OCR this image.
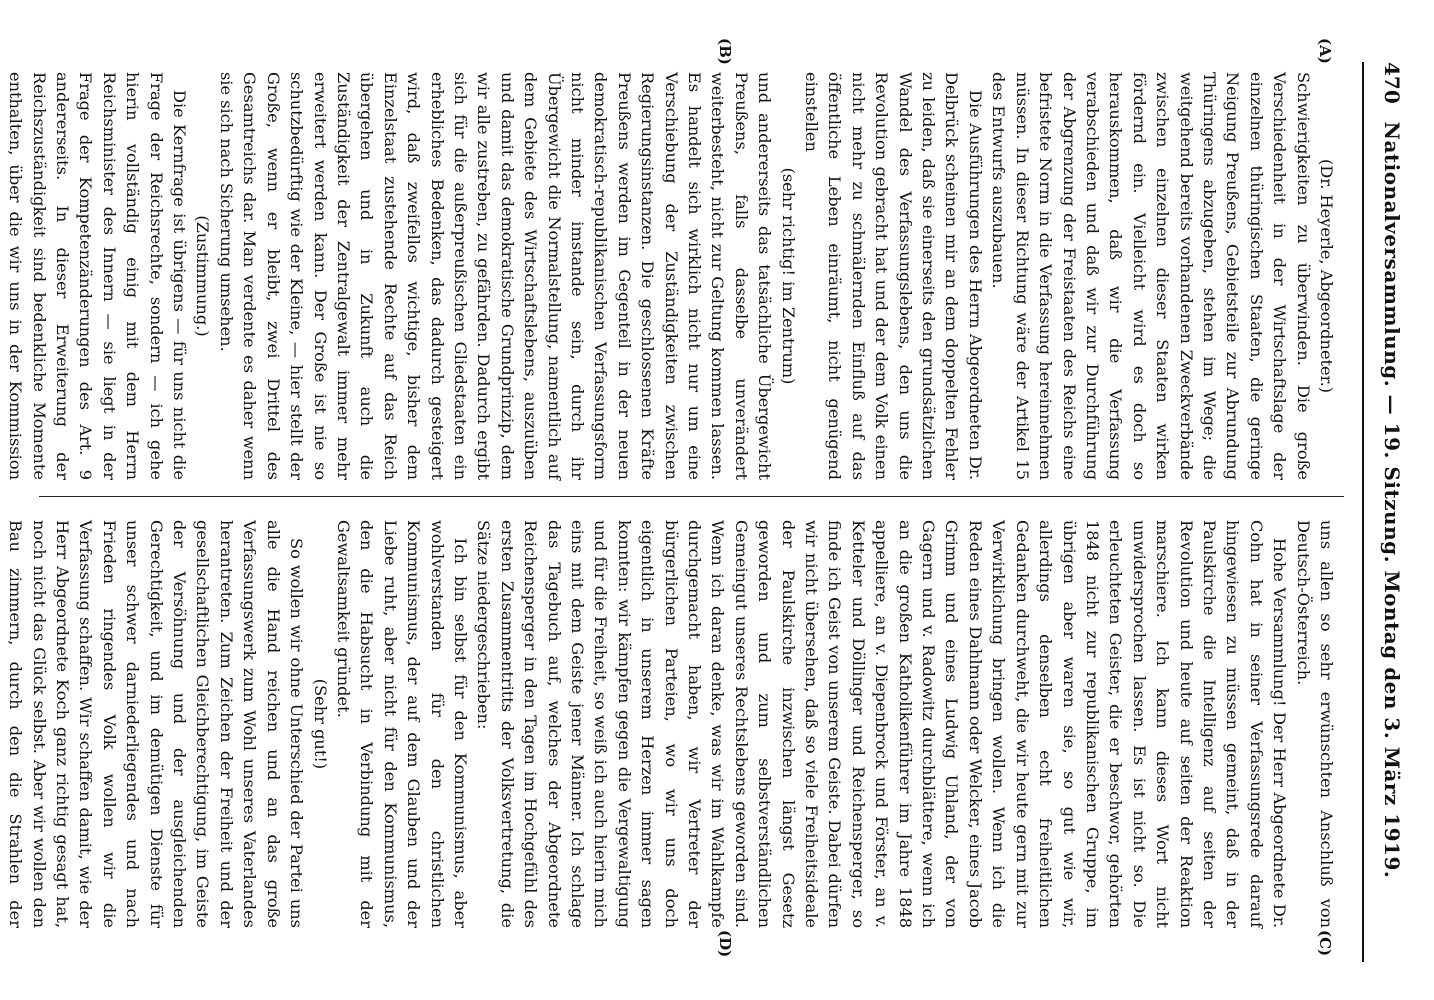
470
Nationalversammlung. — 19. Sitzung. Montag den 3. März 1919.
(A)
(B)
(C)
(D)

(Dr. Heyerle, Abgeordneter.)

Schwierigkeiten zu überwinden. Die große Verschiedenheit in der Wirtschaftslage der einzelnen thüringischen Staaten, die geringe Neigung Preußens, Gebietsteile zur Abrundung Thüringens abzugeben, stehen im Wege; die weitgehend bereits vorhandenen Zweckverbände zwischen einzelnen dieser Staaten wirken fördernd ein. Vielleicht wird es doch so herauskommen, daß wir die Verfassung verabschieden und daß wir zur Durchführung der Abgrenzung der Freistaaten des Reichs eine befristete Norm in die Verfassung hereinnehmen müssen. In dieser Richtung wäre der Artikel 15 des Entwurfs auszubauen.

Die Ausführungen des Herrn Abgeordneten Dr. Delbrück scheinen mir an dem doppelten Fehler zu leiden, daß sie einerseits den grundsätzlichen Wandel des Verfassungslebens, den uns die Revolution gebracht hat und der dem Volk einen nicht mehr zu schmälernden Einfluß auf das öffentliche Leben einräumt, nicht genügend einstellen

(sehr richtig! im Zentrum)

und andererseits das tatsächliche Übergewicht Preußens, falls dasselbe unverändert weiterbesteht, nicht zur Geltung kommen lassen. Es handelt sich wirklich nicht nur um eine Verschiebung der Zuständigkeiten zwischen Regierungsinstanzen. Die geschlossenen Kräfte Preußens werden im Gegenteil in der neuen demokratisch-republikanischen Verfassungsform nicht minder imstande sein, durch ihr Übergewicht die Normalstellung, namentlich auf dem Gebiete des Wirtschaftslebens, auszuüben und damit das demokratische Grundprinzip, dem wir alle zustreben, zu gefährden. Dadurch ergibt sich für die außerpreußischen Gliedstaaten ein erhebliches Bedenken, das dadurch gesteigert wird, daß zweifellos wichtige, bisher dem Einzelstaat zustehende Rechte auf das Reich übergehen und in Zukunft auch die Zuständigkeit der Zentralgewalt immer mehr erweitert werden kann. Der Große ist nie so schutzbedürftig wie der Kleine, — hier stellt der Große, wenn er bleibt, zwei Drittel des Gesamtreichs dar. Man verdente es daher wenn sie sich nach Sicherung umsehen.

(Zustimmung.)

Die Kernfrage ist übrigens — für uns nicht die Frage der Reichsrechte, sondern — ich gehe hierin vollständig einig mit dem Herrn Reichsminister des Innern — sie liegt in der Frage der Kompetenzänderungen des Art. 9 andererseits. In dieser Erweiterung der Reichszuständigkeit sind bedenkliche Momente enthalten, über die wir uns in der Kommission

uns allen so sehr erwünschten Anschluß von Deutsch-Österreich.

Hohe Versammlung! Der Herr Abgeordnete Dr. Cohn hat in seiner Verfassungsrede darauf hingewiesen zu müssen gemeint, daß in der Paulskirche die Intelligenz auf seiten der Revolution und heute auf seiten der Reaktion marschiere. Ich kann dieses Wort nicht unwidersprochen lassen. Es ist nicht so. Die erleuchteten Geister, die er beschwor, gehörten 1848 nicht zur republikanischen Gruppe, im übrigen aber waren sie, so gut wie wir, allerdings denselben echt freiheitlichen Gedanken durchweht, die wir heute gern mit zur Verwirklichung bringen wollen. Wenn ich die Reden eines Dahlmann oder Welcker, eines Jacob Grimm und eines Ludwig Uhland, der von Gagern und v. Radowitz durchblättere, wenn ich an die großen Katholikenführer im Jahre 1848 appelliere, an v. Diepenbrock und Förster, an v. Ketteler und Döllinger und Reichensperger, so finde ich Geist von unserem Geiste. Dabei dürfen wir nicht übersehen, daß so viele Freiheitsideale der Paulskirche inzwischen längst Gesetz geworden und zum selbstverständlichen Gemeingut unseres Rechtslebens geworden sind. Wenn ich daran denke, was wir im Wahlkampfe durchgemacht haben, wir Vertreter der bürgerlichen Parteien, wo wir uns doch eigentlich in unserem Herzen immer sagen konnten: wir kämpfen gegen die Vergewaltigung und für die Freiheit, so weiß ich auch hierin mich eins mit dem Geiste jener Männer. Ich schlage das Tagebuch auf, welches der Abgeordnete Reichensperger in den Tagen im Hochgefühl des ersten Zusammentritts der Volksvertretung, die Sätze niedergeschrieben:

Ich bin selbst für den Kommunismus, aber wohlverstanden für den christlichen Kommunismus, der auf dem Glauben und der Liebe ruht, aber nicht für den Kommunismus, den die Habsucht in Verbindung mit der Gewaltsamkeit gründet.

(Sehr gut!)

So wollen wir ohne Unterschied der Partei uns alle die Hand reichen und an das große Verfassungswerk zum Wohl unseres Vaterlandes herantreten. Zum Zeichen der Freiheit und der gesellschaftlichen Gleichberechtigung, im Geiste der Versöhnung und der ausgleichenden Gerechtigkeit, und im demütigen Dienste für unser schwer darniederliegendes und nach Frieden ringendes Volk wollen wir die Verfassung schaffen. Wir schaffen damit, wie der Herr Abgeordnete Koch ganz richtig gesagt hat, noch nicht das Glück selbst. Aber wir wollen den Bau zimmern, durch den die Strahlen der
